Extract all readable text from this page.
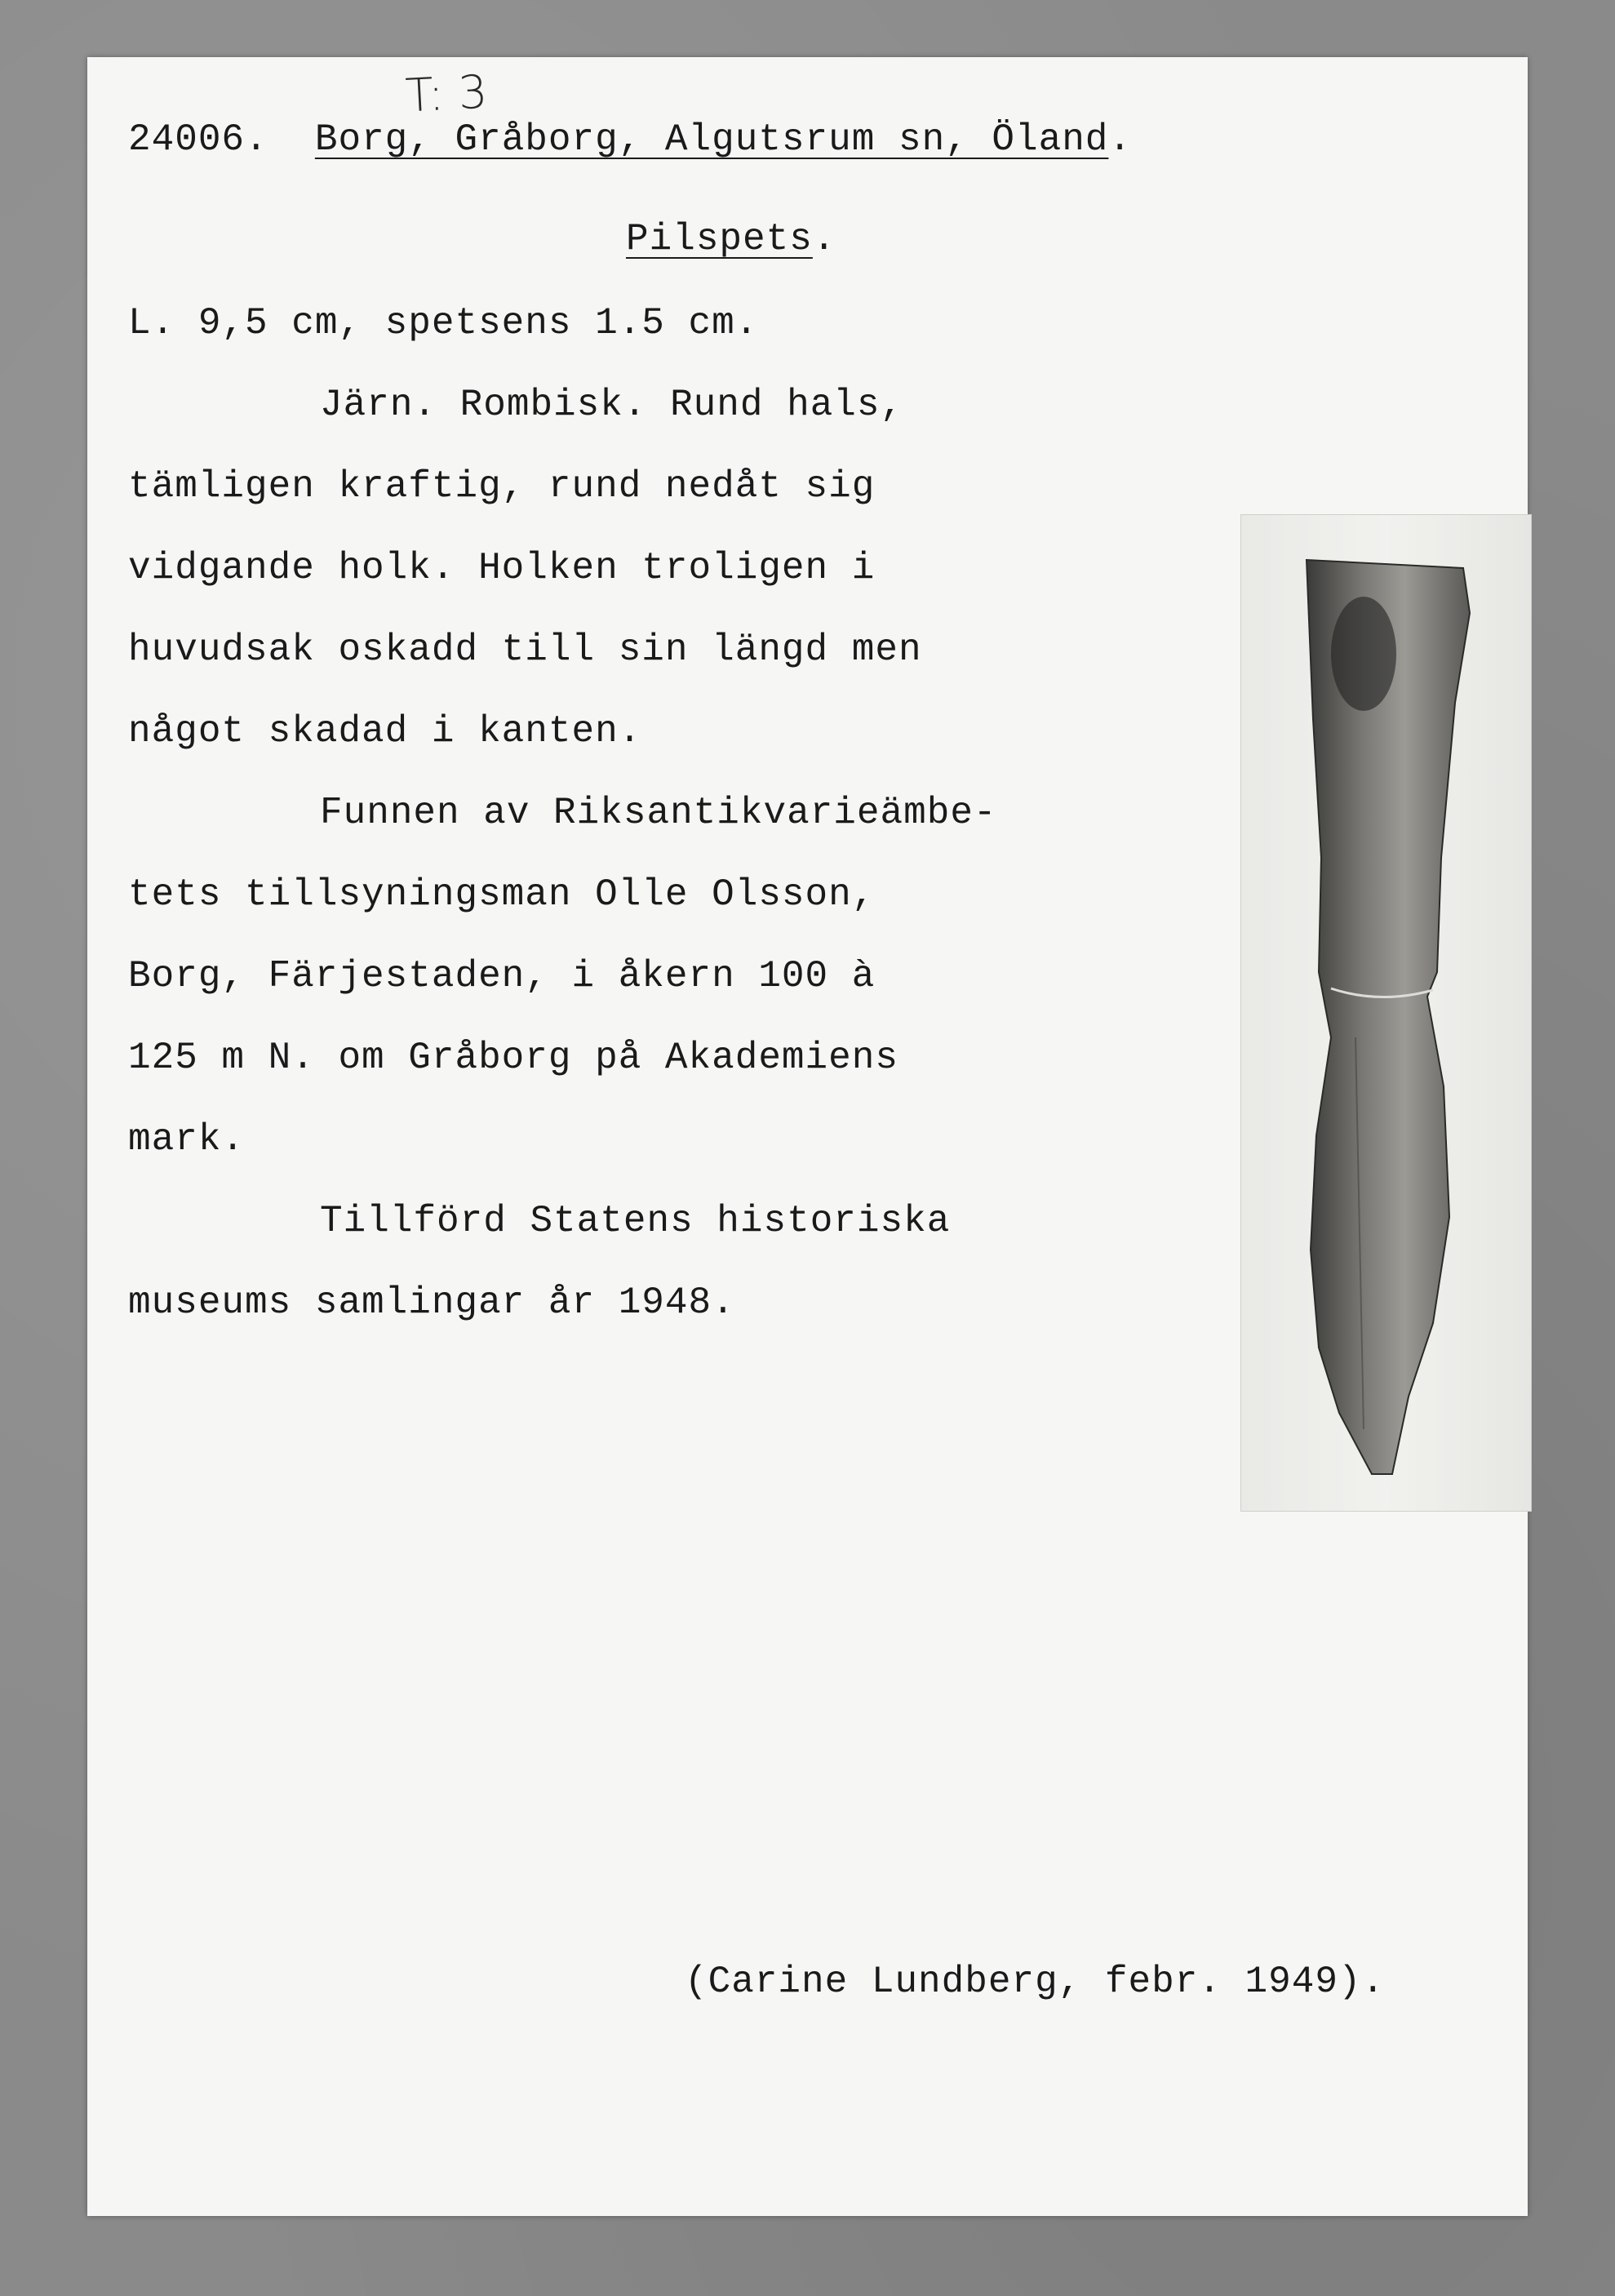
T: 3
24006. Borg, Gråborg, Algutsrum sn, Öland.
Pilspets.
L. 9,5 cm, spetsens 1.5 cm.
Järn. Rombisk. Rund hals,
tämligen kraftig, rund nedåt sig
vidgande holk. Holken troligen i
huvudsak oskadd till sin längd men
något skadad i kanten.
Funnen av Riksantikvarieämbe-
tets tillsyningsman Olle Olsson,
Borg, Färjestaden, i åkern 100 à
125 m N. om Gråborg på Akademiens
mark.
Tillförd Statens historiska
museums samlingar år 1948.
(Carine Lundberg, febr. 1949).
